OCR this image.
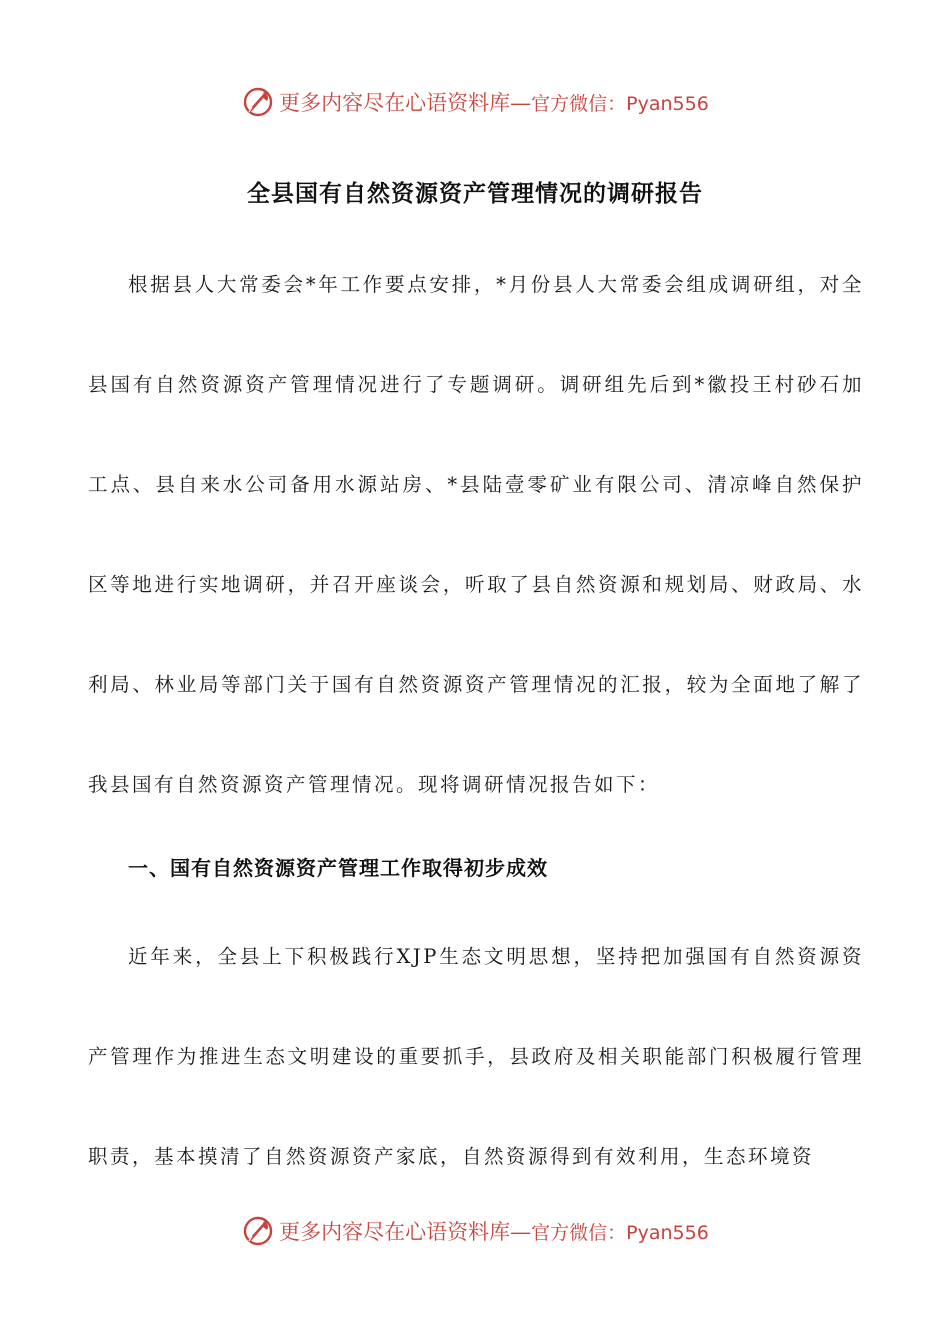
更多内容尽在心语资料库— 官方微信：Pyan556
全县国有自然资源资产管理情况的调研报告

根据县人大常委会*年工作要点安排，*月份县人大常委会组成调研组，对全县国有自然资源资产管理情况进行了专题调研。调研组先后到*徽投王村砂石加工点、县自来水公司备用水源站房、*县陆壹零矿业有限公司、清凉峰自然保护区等地进行实地调研，并召开座谈会，听取了县自然资源和规划局、财政局、水利局、林业局等部门关于国有自然资源资产管理情况的汇报，较为全面地了解了我县国有自然资源资产管理情况。现将调研情况报告如下：

一、国有自然资源资产管理工作取得初步成效

近年来，全县上下积极践行XJP生态文明思想，坚持把加强国有自然资源资产管理作为推进生态文明建设的重要抓手，县政府及相关职能部门积极履行管理职责，基本摸清了自然资源资产家底，自然资源得到有效利用，生态环境资

更多内容尽在心语资料库— 官方微信：Pyan556
